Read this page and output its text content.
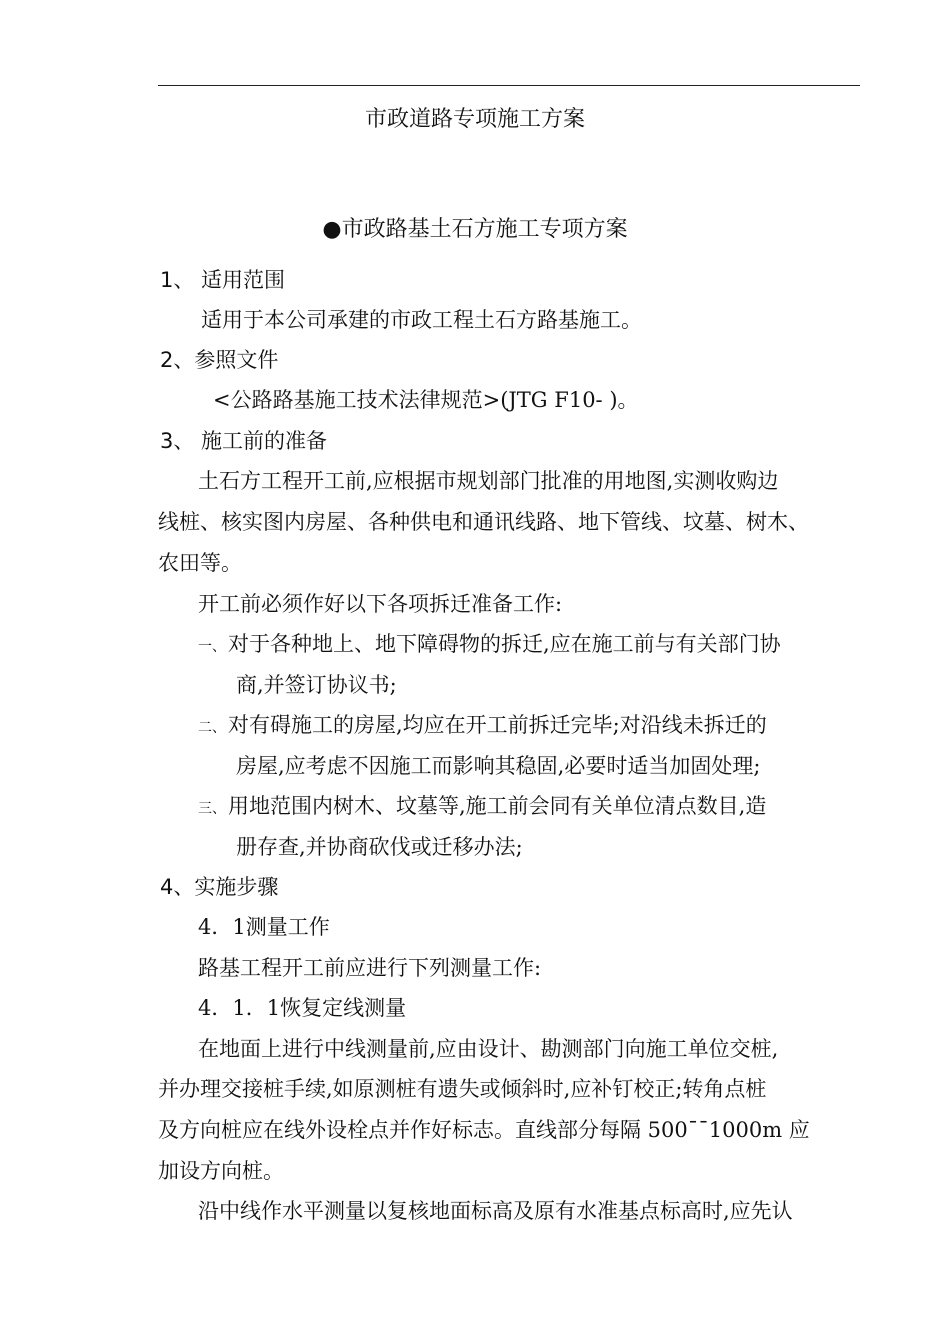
市政道路专项施工方案
●市政路基土石方施工专项方案
1、 适用范围
适用于本公司承建的市政工程土石方路基施工。
2、参照文件
<公路路基施工技术法律规范>(JTG F10- )。
3、 施工前的准备
土石方工程开工前,应根据市规划部门批准的用地图,实测收购边
线桩、核实图内房屋、各种供电和通讯线路、地下管线、坟墓、树木、
农田等。
开工前必须作好以下各项拆迁准备工作:
一、对于各种地上、地下障碍物的拆迁,应在施工前与有关部门协
商,并签订协议书;
二、对有碍施工的房屋,均应在开工前拆迁完毕;对沿线未拆迁的
房屋,应考虑不因施工而影响其稳固,必要时适当加固处理;
三、用地范围内树木、坟墓等,施工前会同有关单位清点数目,造
册存查,并协商砍伐或迁移办法;
4、实施步骤
4．1测量工作
路基工程开工前应进行下列测量工作:
4．1．1恢复定线测量
在地面上进行中线测量前,应由设计、勘测部门向施工单位交桩,
并办理交接桩手续,如原测桩有遗失或倾斜时,应补钉校正;转角点桩
及方向桩应在线外设栓点并作好标志。直线部分每隔 500¯¯1000m 应
加设方向桩。
沿中线作水平测量以复核地面标高及原有水准基点标高时,应先认
